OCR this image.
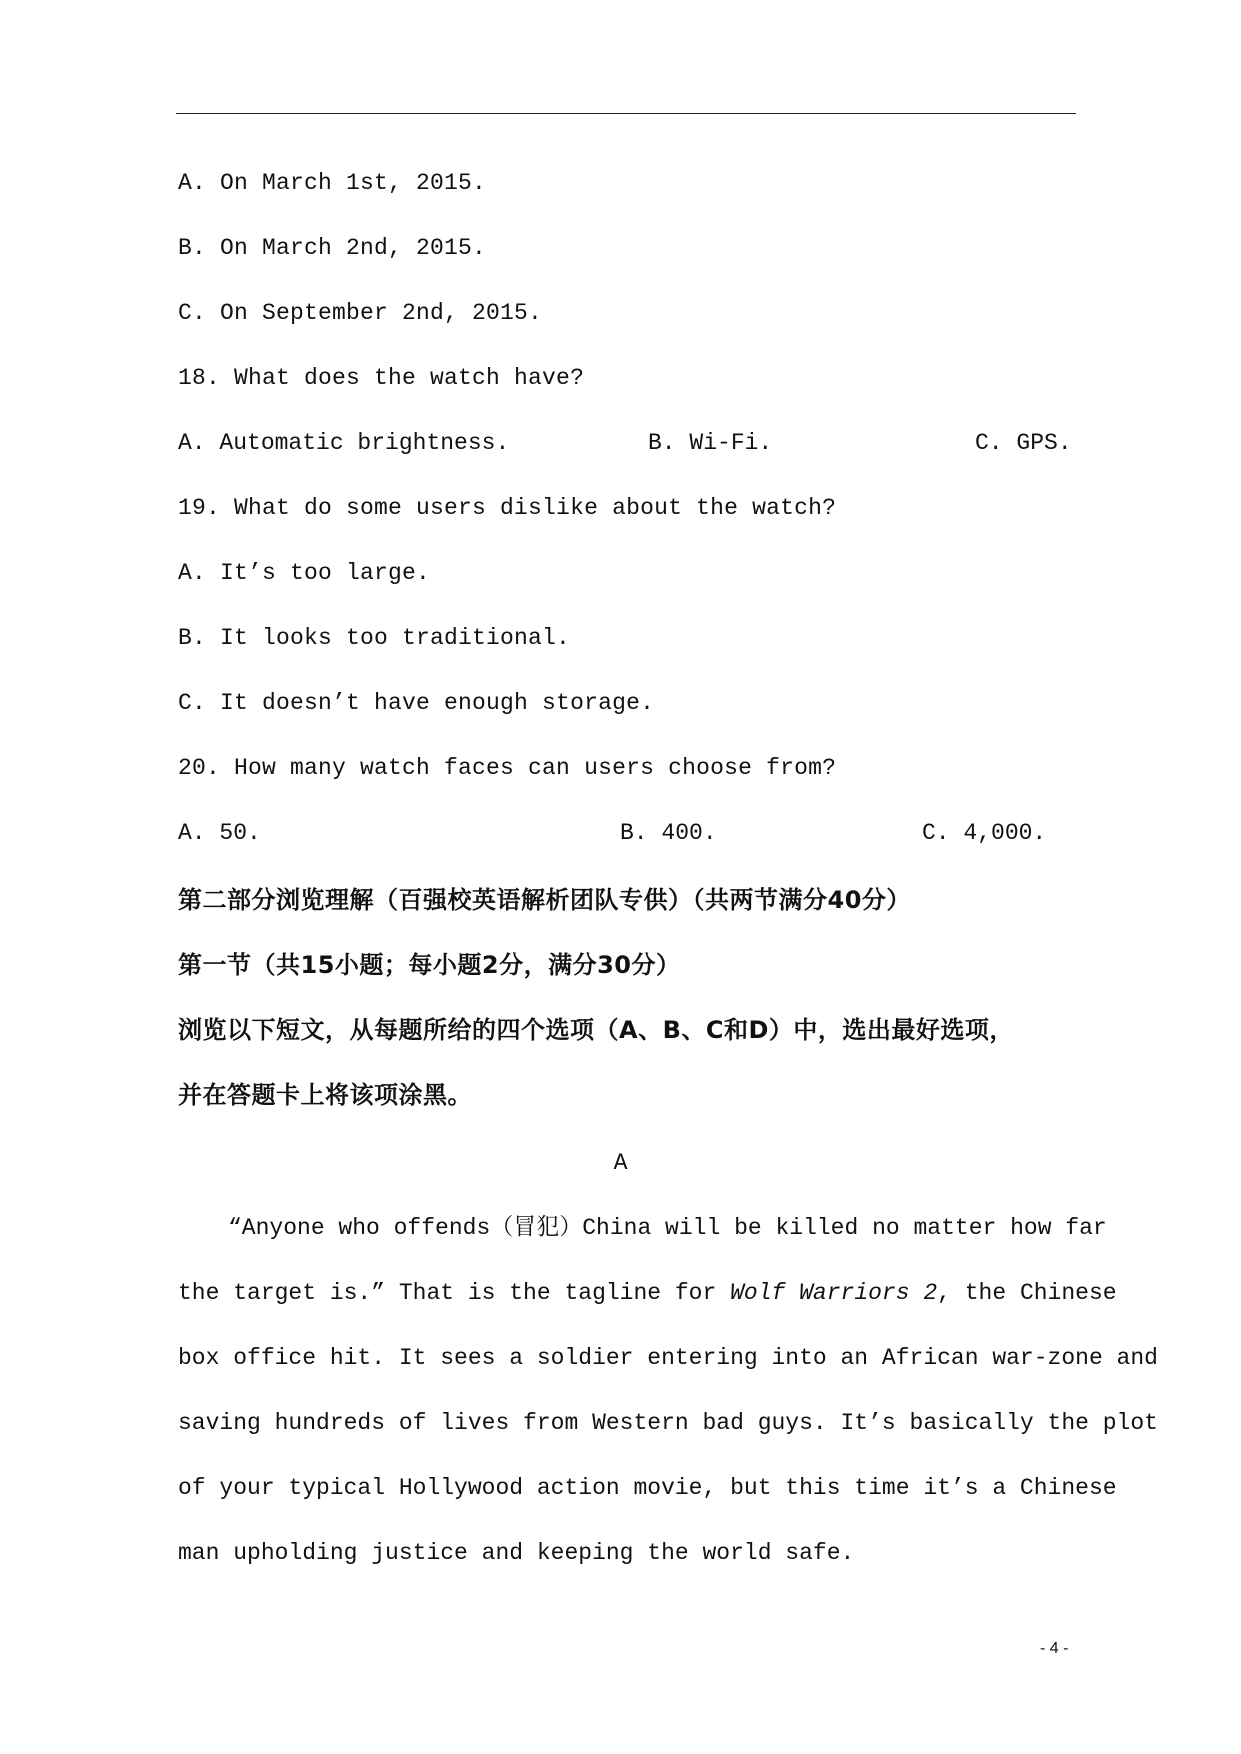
A. On March 1st, 2015.
B. On March 2nd, 2015.
C. On September 2nd, 2015.
18. What does the watch have?
A. Automatic brightness.	B. Wi-Fi.	C. GPS.
19. What do some users dislike about the watch?
A. It’s too large.
B. It looks too traditional.
C. It doesn’t have enough storage.
20. How many watch faces can users choose from?
A. 50.	B. 400.	C. 4,000.
第二部分浏览理解（百强校英语解析团队专供）（共两节满分40分）
第一节（共15小题；每小题2分，满分30分）
浏览以下短文，从每题所给的四个选项（A、B、C和D）中，选出最好选项，
并在答题卡上将该项涂黑。
A
“Anyone who offends（冒犯）China will be killed no matter how far
the target is.” That is the tagline for Wolf Warriors 2, the Chinese
box office hit. It sees a soldier entering into an African war-zone and
saving hundreds of lives from Western bad guys. It’s basically the plot
of your typical Hollywood action movie, but this time it’s a Chinese
man upholding justice and keeping the world safe.
- 4 -
